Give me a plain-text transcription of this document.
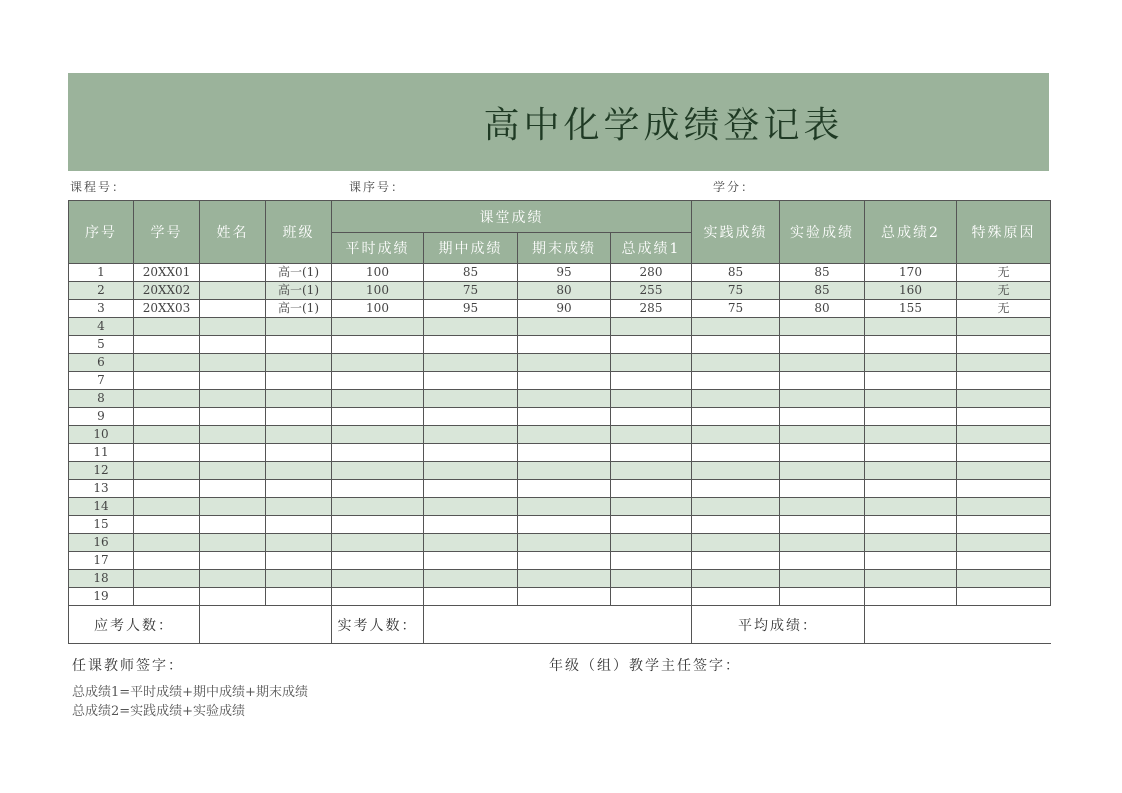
高中化学成绩登记表
课程号：	课序号：	学分：
序号	学号	姓名	班级	课堂成绩				实践成绩	实验成绩	总成绩2	特殊原因
				平时成绩	期中成绩	期末成绩	总成绩1				
1	20XX01		高一(1)	100	85	95	280	85	85	170	无
2	20XX02		高一(1)	100	75	80	255	75	85	160	无
3	20XX03		高一(1)	100	95	90	285	75	80	155	无
4											
5											
6											
7											
8											
9											
10											
11											
12											
13											
14											
15											
16											
17											
18											
19											
应考人数：				实考人数：				平均成绩：			
任课教师签字：	年级（组）教学主任签字：
总成绩1=平时成绩+期中成绩+期末成绩
总成绩2=实践成绩+实验成绩
